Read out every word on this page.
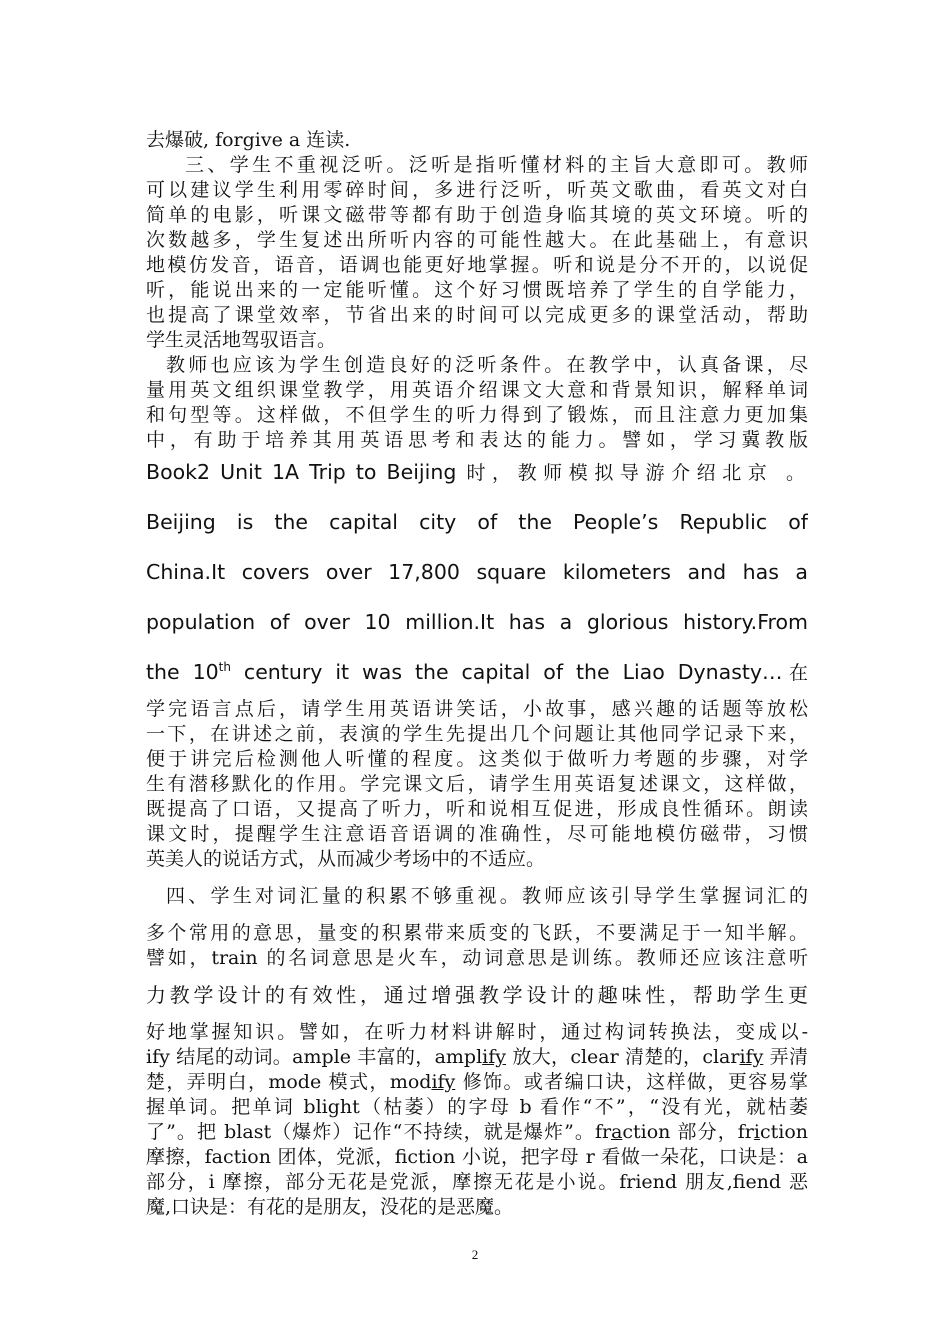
去爆破, forgive a 连读.
三、学生不重视泛听。泛听是指听懂材料的主旨大意即可。教师
可以建议学生利用零碎时间，多进行泛听，听英文歌曲，看英文对白
简单的电影，听课文磁带等都有助于创造身临其境的英文环境。听的
次数越多，学生复述出所听内容的可能性越大。在此基础上，有意识
地模仿发音，语音，语调也能更好地掌握。听和说是分不开的，以说促
听，能说出来的一定能听懂。这个好习惯既培养了学生的自学能力，
也提高了课堂效率，节省出来的时间可以完成更多的课堂活动，帮助
学生灵活地驾驭语言。
教师也应该为学生创造良好的泛听条件。在教学中，认真备课，尽
量用英文组织课堂教学，用英语介绍课文大意和背景知识，解释单词
和句型等。这样做，不但学生的听力得到了锻炼，而且注意力更加集
中，有助于培养其用英语思考和表达的能力。譬如，学习冀教版
Book2 Unit 1A Trip to Beijing 时，教师模拟导游介绍北京 。
Beijing is the capital city of the People’s Republic of
China.It covers over 17,800 square kilometers and has a
population of over 10 million.It has a glorious history.From
the 10th century it was the capital of the Liao Dynasty…在
学完语言点后，请学生用英语讲笑话，小故事，感兴趣的话题等放松
一下，在讲述之前，表演的学生先提出几个问题让其他同学记录下来，
便于讲完后检测他人听懂的程度。这类似于做听力考题的步骤，对学
生有潜移默化的作用。学完课文后，请学生用英语复述课文，这样做，
既提高了口语，又提高了听力，听和说相互促进，形成良性循环。朗读
课文时，提醒学生注意语音语调的准确性，尽可能地模仿磁带，习惯
英美人的说话方式，从而减少考场中的不适应。
四、学生对词汇量的积累不够重视。教师应该引导学生掌握词汇的
多个常用的意思，量变的积累带来质变的飞跃，不要满足于一知半解。
譬如，train 的名词意思是火车，动词意思是训练。教师还应该注意听
力教学设计的有效性，通过增强教学设计的趣味性，帮助学生更
好地掌握知识。譬如，在听力材料讲解时，通过构词转换法，变成以-
ify 结尾的动词。ample 丰富的，amplify 放大，clear 清楚的，clarify 弄清
楚，弄明白，mode 模式，modify 修饰。或者编口诀，这样做，更容易掌
握单词。把单词 blight（枯萎）的字母 b 看作“不”，“没有光，就枯萎
了”。把 blast（爆炸）记作“不持续，就是爆炸”。fraction 部分，friction
摩擦，faction 团体，党派，fiction 小说，把字母 r 看做一朵花，口诀是：a
部分，i 摩擦，部分无花是党派，摩擦无花是小说。friend 朋友,fiend 恶
魔,口诀是：有花的是朋友，没花的是恶魔。
2
